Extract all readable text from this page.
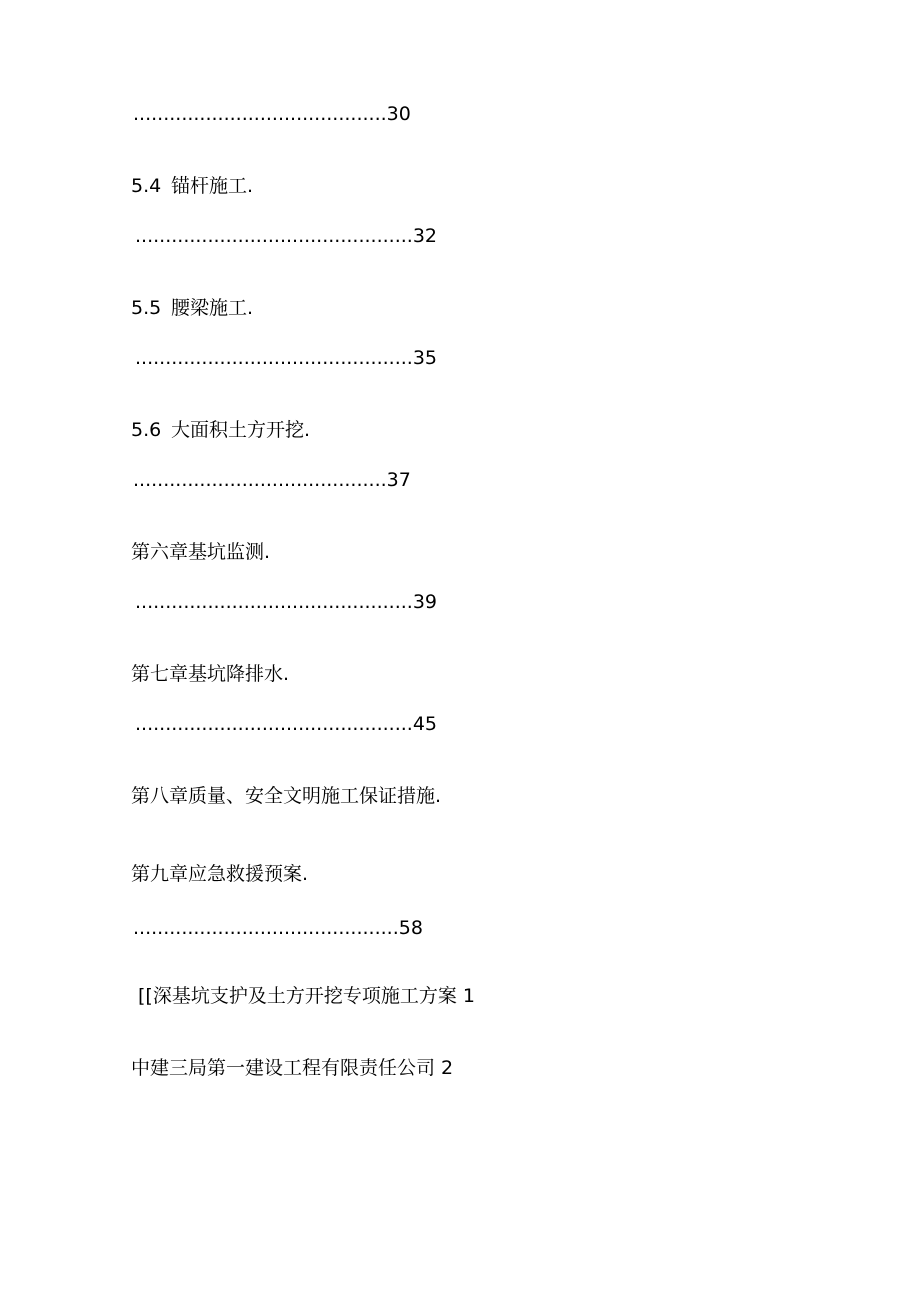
..........................................30
5.4 锚杆施工.
..............................................32
5.5 腰梁施工.
..............................................35
5.6 大面积土方开挖.
..........................................37
第六章基坑监测.
..............................................39
第七章基坑降排水.
..............................................45
第八章质量、安全文明施工保证措施.
第九章应急救援预案.
............................................58
[[深基坑支护及土方开挖专项施工方案 1
中建三局第一建设工程有限责任公司 2
